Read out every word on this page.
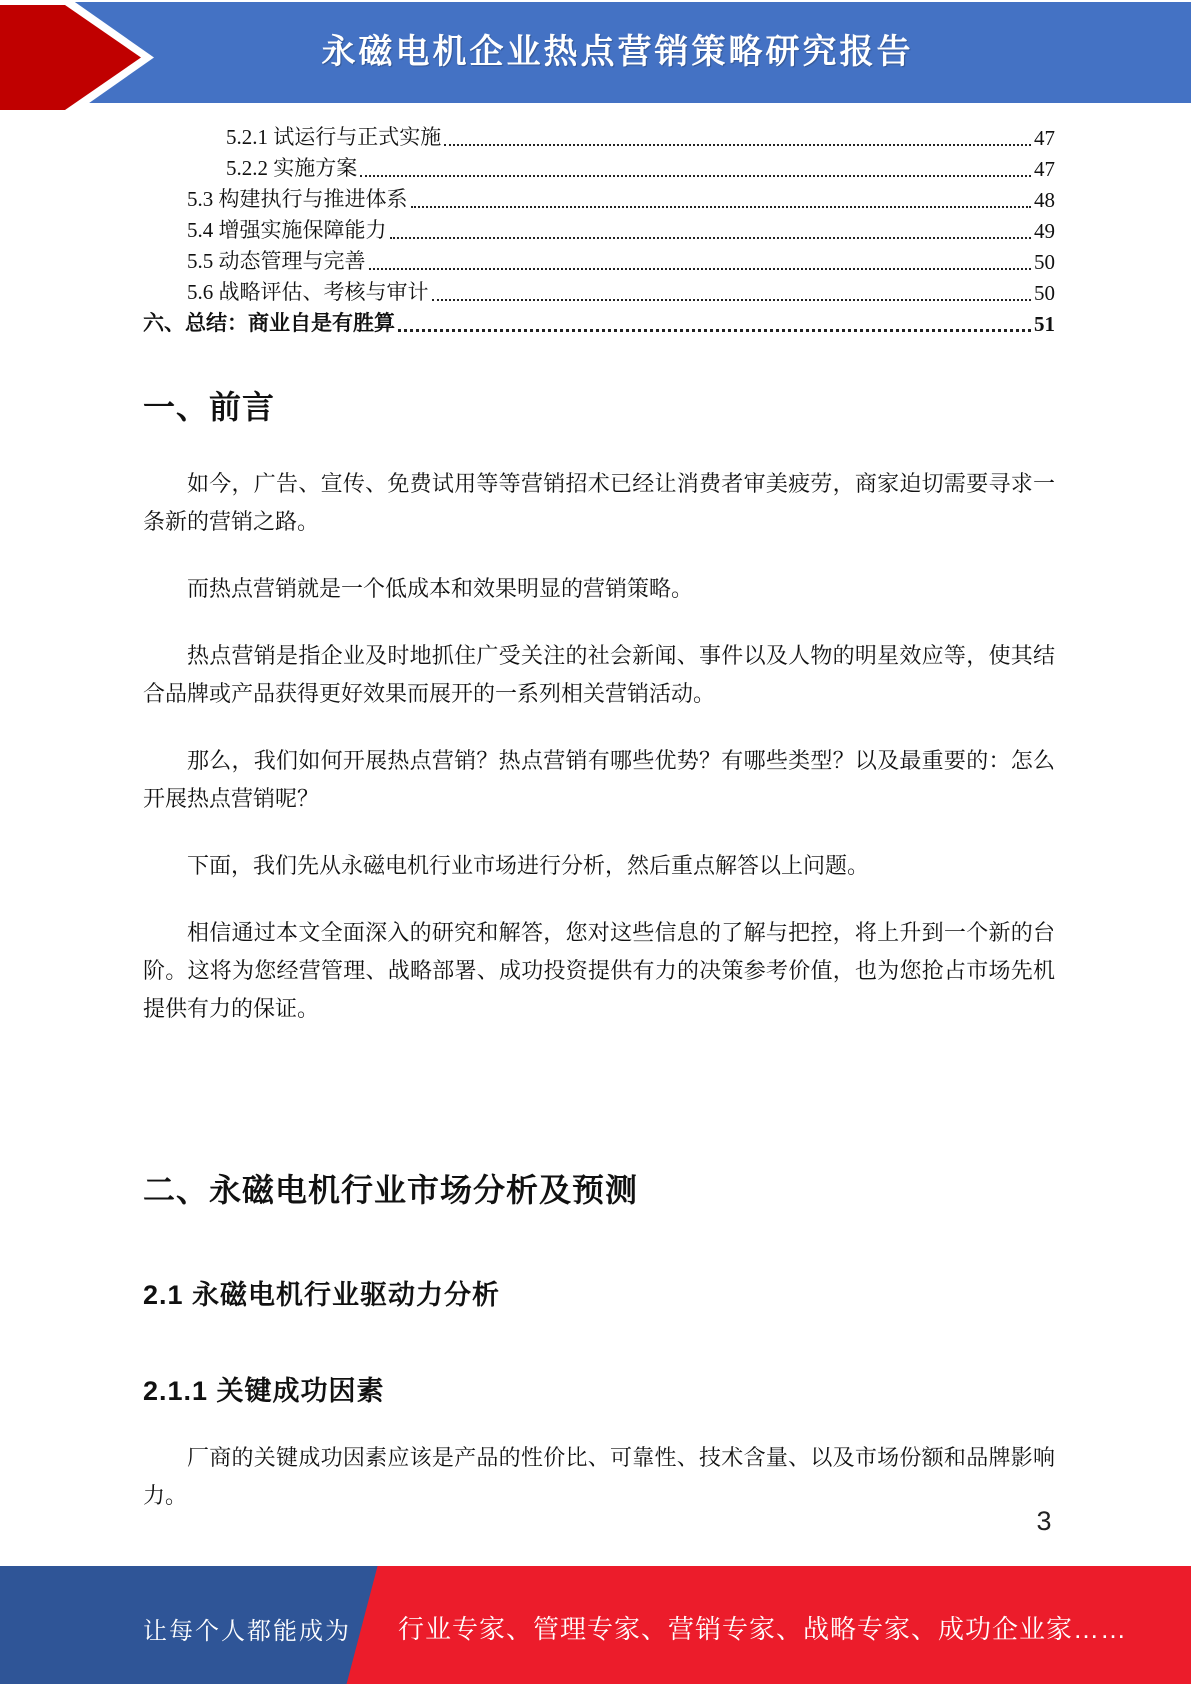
永磁电机企业热点营销策略研究报告
5.2.1 试运行与正式实施	47
5.2.2 实施方案	47
5.3 构建执行与推进体系	48
5.4 增强实施保障能力	49
5.5 动态管理与完善	50
5.6 战略评估、考核与审计	50
六、总结：商业自是有胜算	51
一、前言
如今，广告、宣传、免费试用等等营销招术已经让消费者审美疲劳，商家迫切需要寻求一条新的营销之路。
而热点营销就是一个低成本和效果明显的营销策略。
热点营销是指企业及时地抓住广受关注的社会新闻、事件以及人物的明星效应等，使其结合品牌或产品获得更好效果而展开的一系列相关营销活动。
那么，我们如何开展热点营销？热点营销有哪些优势？有哪些类型？以及最重要的：怎么开展热点营销呢？
下面，我们先从永磁电机行业市场进行分析，然后重点解答以上问题。
相信通过本文全面深入的研究和解答，您对这些信息的了解与把控，将上升到一个新的台阶。这将为您经营管理、战略部署、成功投资提供有力的决策参考价值，也为您抢占市场先机提供有力的保证。
二、永磁电机行业市场分析及预测
2.1 永磁电机行业驱动力分析
2.1.1 关键成功因素
厂商的关键成功因素应该是产品的性价比、可靠性、技术含量、以及市场份额和品牌影响力。
3
让每个人都能成为 行业专家、管理专家、营销专家、战略专家、成功企业家……
